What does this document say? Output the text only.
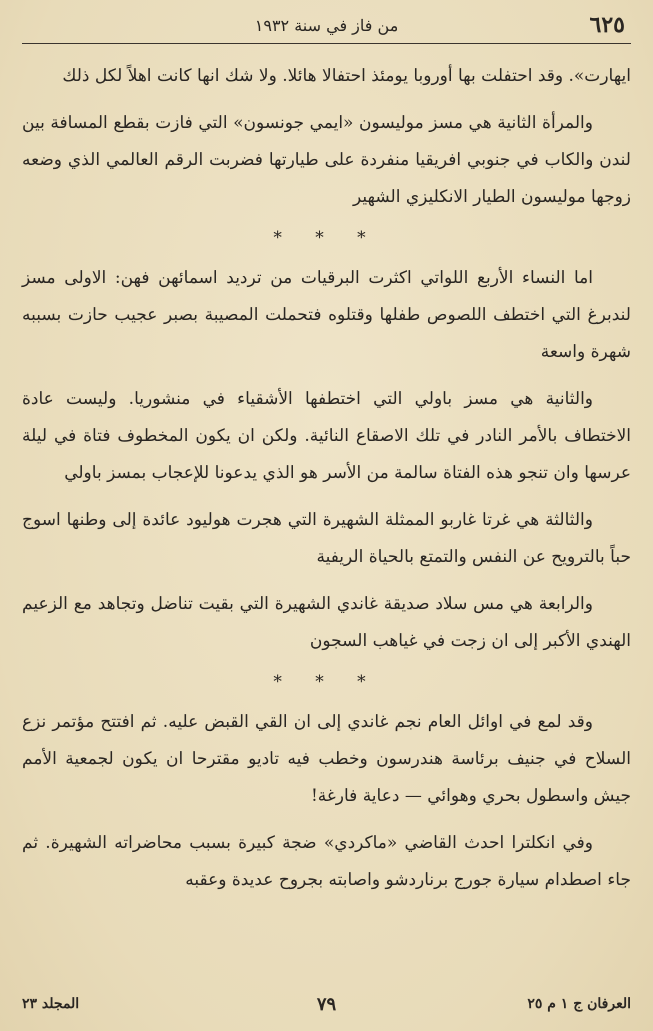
٦٢٥
من فاز في سنة ١٩٣٢

ايهارت». وقد احتفلت بها أوروبا يومئذ احتفالا هائلا. ولا شك انها كانت اهلاً لكل ذلك

والمرأة الثانية هي مسز موليسون «ايمي جونسون» التي فازت بقطع المسافة بين لندن والكاب في جنوبي افريقيا منفردة على طيارتها فضربت الرقم العالمي الذي وضعه زوجها موليسون الطيار الانكليزي الشهير

* * *

اما النساء الأربع اللواتي اكثرت البرقيات من ترديد اسمائهن فهن: الاولى مسز لندبرغ التي اختطف اللصوص طفلها وقتلوه فتحملت المصيبة بصبر عجيب حازت بسببه شهرة واسعة

والثانية هي مسز باولي التي اختطفها الأشقياء في منشوريا. وليست عادة الاختطاف بالأمر النادر في تلك الاصقاع النائية. ولكن ان يكون المخطوف فتاة في ليلة عرسها وان تنجو هذه الفتاة سالمة من الأسر هو الذي يدعونا للإعجاب بمسز باولي

والثالثة هي غرتا غاربو الممثلة الشهيرة التي هجرت هوليود عائدة إلى وطنها اسوج حباً بالترويح عن النفس والتمتع بالحياة الريفية

والرابعة هي مس سلاد صديقة غاندي الشهيرة التي بقيت تناضل وتجاهد مع الزعيم الهندي الأكبر إلى ان زجت في غياهب السجون

* * *

وقد لمع في اوائل العام نجم غاندي إلى ان القي القبض عليه. ثم افتتح مؤتمر نزع السلاح في جنيف برئاسة هندرسون وخطب فيه تاديو مقترحا ان يكون لجمعية الأمم جيش واسطول بحري وهوائي — دعاية فارغة!

وفي انكلترا احدث القاضي «ماكردي» ضجة كبيرة بسبب محاضراته الشهيرة. ثم جاء اصطدام سيارة جورج برناردشو واصابته بجروح عديدة وعقبه

العرفان ج ١ م ٢٥
٧٩
المجلد ٢٣
